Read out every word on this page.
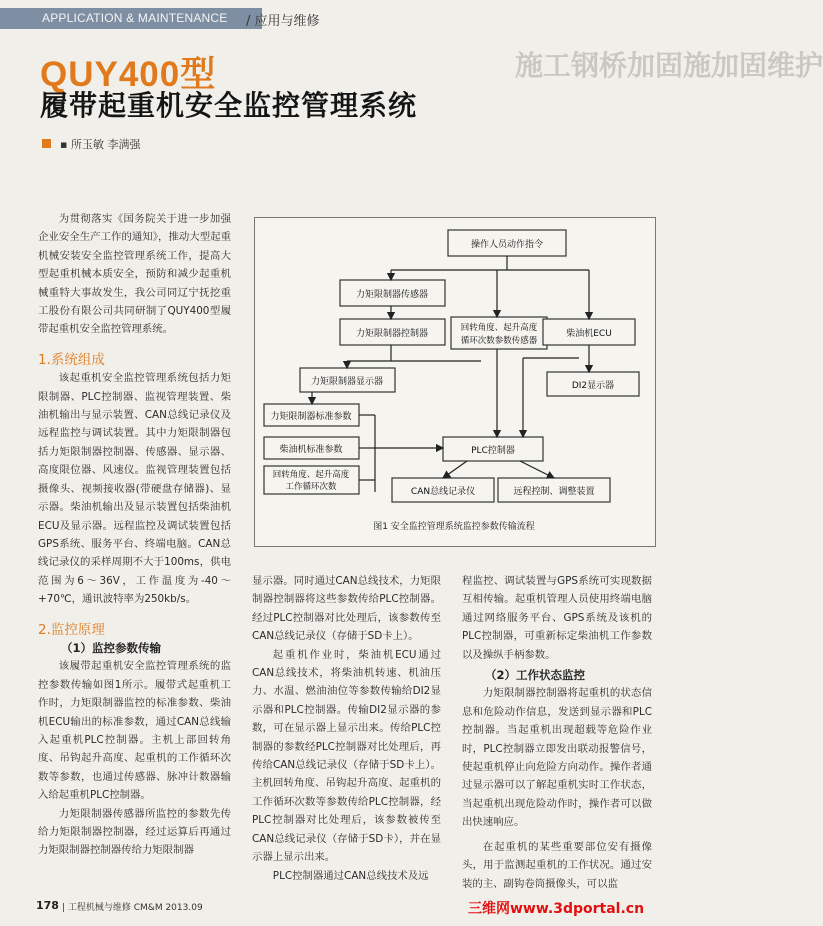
APPLICATION & MAINTENANCE / 应用与维修
施工钢桥加固施加固维护
QUY400型
履带起重机安全监控管理系统
▪ 所玉敏 李满强

为贯彻落实《国务院关于进一步加强企业安全生产工作的通知》，推动大型起重机械安装安全监控管理系统工作，提高大型起重机械本质安全，预防和减少起重机械重特大事故发生，我公司同辽宁抚挖重工股份有限公司共同研制了QUY400型履带起重机安全监控管理系统。

1.系统组成

该起重机安全监控管理系统包括力矩限制器、PLC控制器、监视管理装置、柴油机输出与显示装置、CAN总线记录仪及远程监控与调试装置。其中力矩限制器包括力矩限制器控制器、传感器、显示器、高度限位器、风速仪。监视管理装置包括摄像头、视频接收器(带硬盘存储器)、显示器。柴油机输出及显示装置包括柴油机ECU及显示器。远程监控及调试装置包括GPS系统、服务平台、终端电脑。CAN总线记录仪的采样周期不大于100ms，供电范围为6～36V，工作温度为-40～+70℃，通讯波特率为250kb/s。

2.监控原理

（1）监控参数传输

该履带起重机安全监控管理系统的监控参数传输如图1所示。履带式起重机工作时，力矩限制器监控的标准参数、柴油机ECU输出的标准参数，通过CAN总线输入起重机PLC控制器。主机上部回转角度、吊钩起升高度、起重机的工作循环次数等参数，也通过传感器、脉冲计数器输入给起重机PLC控制器。

力矩限制器传感器所监控的参数先传给力矩限制器控制器，经过运算后再通过力矩限制器控制器传给力矩限制器

操作人员动作指令
力矩限制器传感器
力矩限制器控制器
回转角度、起升高度
循环次数参数传感器
柴油机ECU
力矩限制器显示器	DI2显示器
力矩限制器标准参数
柴油机标准参数
回转角度、起升高度
工作循环次数
PLC控制器
CAN总线记录仪	远程控制、调整装置
图1 安全监控管理系统监控参数传输流程

显示器。同时通过CAN总线技术，力矩限制器控制器将这些参数传给PLC控制器。经过PLC控制器对比处理后，该参数传至CAN总线记录仪（存储于SD卡上）。

起重机作业时，柴油机ECU通过CAN总线技术，将柴油机转速、机油压力、水温、燃油油位等参数传输给DI2显示器和PLC控制器。传输DI2显示器的参数，可在显示器上显示出来。传给PLC控制器的参数经PLC控制器对比处理后，再传给CAN总线记录仪（存储于SD卡上）。主机回转角度、吊钩起升高度、起重机的工作循环次数等参数传给PLC控制器，经PLC控制器对比处理后，该参数被传至CAN总线记录仪（存储于SD卡），并在显示器上显示出来。

PLC控制器通过CAN总线技术及远

程监控、调试装置与GPS系统可实现数据互相传输。起重机管理人员使用终端电脑通过网络服务平台、GPS系统及该机的PLC控制器，可重新标定柴油机工作参数以及操纵手柄参数。

（2）工作状态监控

力矩限制器控制器将起重机的状态信息和危险动作信息，发送到显示器和PLC控制器。当起重机出现超载等危险作业时，PLC控制器立即发出联动报警信号，使起重机停止向危险方向动作。操作者通过显示器可以了解起重机实时工作状态，当起重机出现危险动作时，操作者可以做出快速响应。

在起重机的某些重要部位安有摄像头，用于监测起重机的工作状况。通过安装的主、副钩卷筒摄像头，可以监

178 | 工程机械与维修 CM&M 2013.09	三维网www.3dportal.cn
